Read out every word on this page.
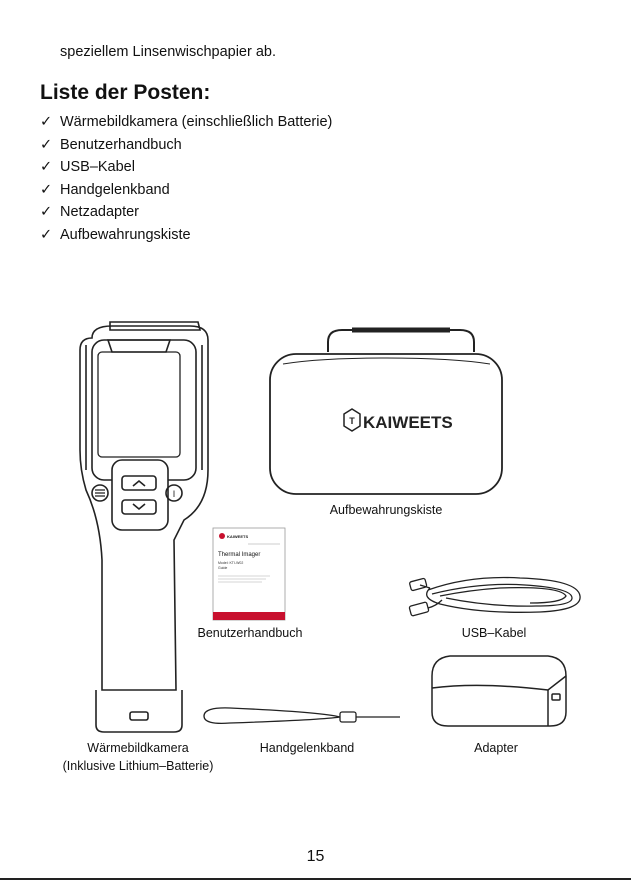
speziellem Linsenwischpapier ab.
Liste der Posten:
✓ Wärmebildkamera (einschließlich Batterie)
✓ Benutzerhandbuch
✓ USB–Kabel
✓ Handgelenkband
✓ Netzadapter
✓ Aufbewahrungskiste
I
T KAIWEETS
KAIWEETS
Thermal Imager
Model: KTI-W02
Guide
Aufbewahrungskiste
Benutzerhandbuch	USB–Kabel
Wärmebildkamera
(Inklusive Lithium–Batterie)
Handgelenkband	Adapter
15
